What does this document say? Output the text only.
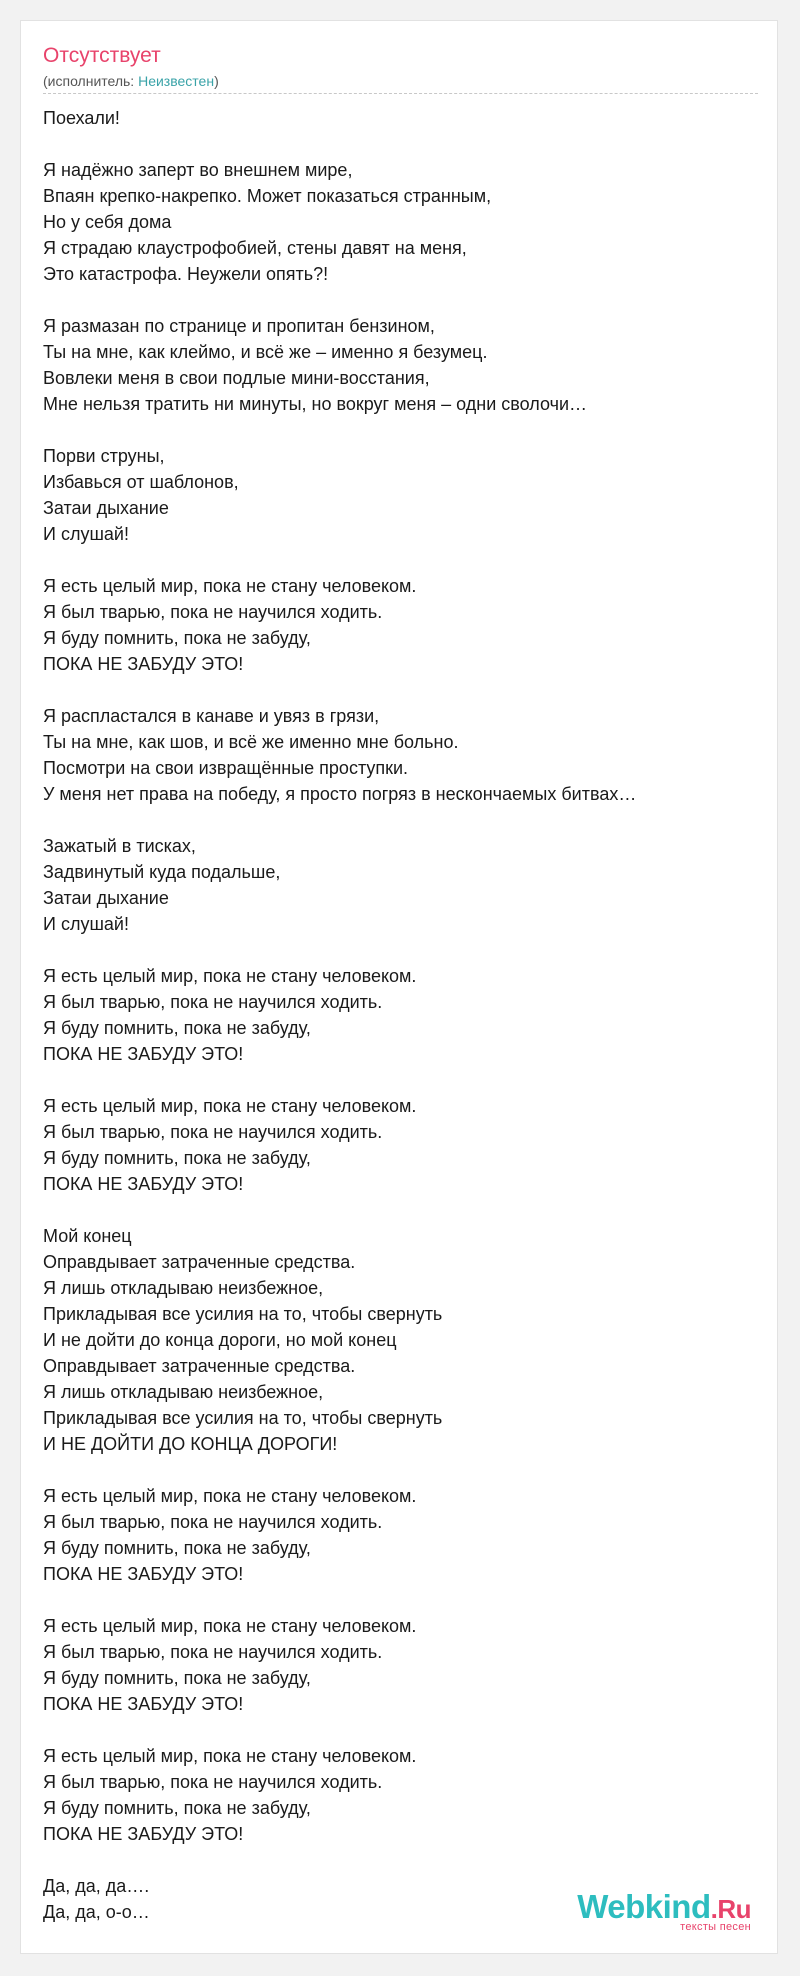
Отсутствует
(исполнитель: Неизвестен)
Поехали!

Я надёжно заперт во внешнем мире,
Впаян крепко-накрепко. Может показаться странным,
Но у себя дома
Я страдаю клаустрофобией, стены давят на меня,
Это катастрофа. Неужели опять?!

Я размазан по странице и пропитан бензином,
Ты на мне, как клеймо, и всё же – именно я безумец.
Вовлеки меня в свои подлые мини-восстания,
Мне нельзя тратить ни минуты, но вокруг меня – одни сволочи…

Порви струны,
Избавься от шаблонов,
Затаи дыхание
И слушай!

Я есть целый мир, пока не стану человеком.
Я был тварью, пока не научился ходить.
Я буду помнить, пока не забуду,
ПОКА НЕ ЗАБУДУ ЭТО!

Я распластался в канаве и увяз в грязи,
Ты на мне, как шов, и всё же именно мне больно.
Посмотри на свои извращённые проступки.
У меня нет права на победу, я просто погряз в нескончаемых битвах…

Зажатый в тисках,
Задвинутый куда подальше,
Затаи дыхание
И слушай!

Я есть целый мир, пока не стану человеком.
Я был тварью, пока не научился ходить.
Я буду помнить, пока не забуду,
ПОКА НЕ ЗАБУДУ ЭТО!

Я есть целый мир, пока не стану человеком.
Я был тварью, пока не научился ходить.
Я буду помнить, пока не забуду,
ПОКА НЕ ЗАБУДУ ЭТО!

Мой конец
Оправдывает затраченные средства.
Я лишь откладываю неизбежное,
Прикладывая все усилия на то, чтобы свернуть
И не дойти до конца дороги, но мой конец
Оправдывает затраченные средства.
Я лишь откладываю неизбежное,
Прикладывая все усилия на то, чтобы свернуть
И НЕ ДОЙТИ ДО КОНЦА ДОРОГИ!

Я есть целый мир, пока не стану человеком.
Я был тварью, пока не научился ходить.
Я буду помнить, пока не забуду,
ПОКА НЕ ЗАБУДУ ЭТО!

Я есть целый мир, пока не стану человеком.
Я был тварью, пока не научился ходить.
Я буду помнить, пока не забуду,
ПОКА НЕ ЗАБУДУ ЭТО!

Я есть целый мир, пока не стану человеком.
Я был тварью, пока не научился ходить.
Я буду помнить, пока не забуду,
ПОКА НЕ ЗАБУДУ ЭТО!

Да, да, да….
Да, да, о-о…	Webkind.Ru
тексты песен
